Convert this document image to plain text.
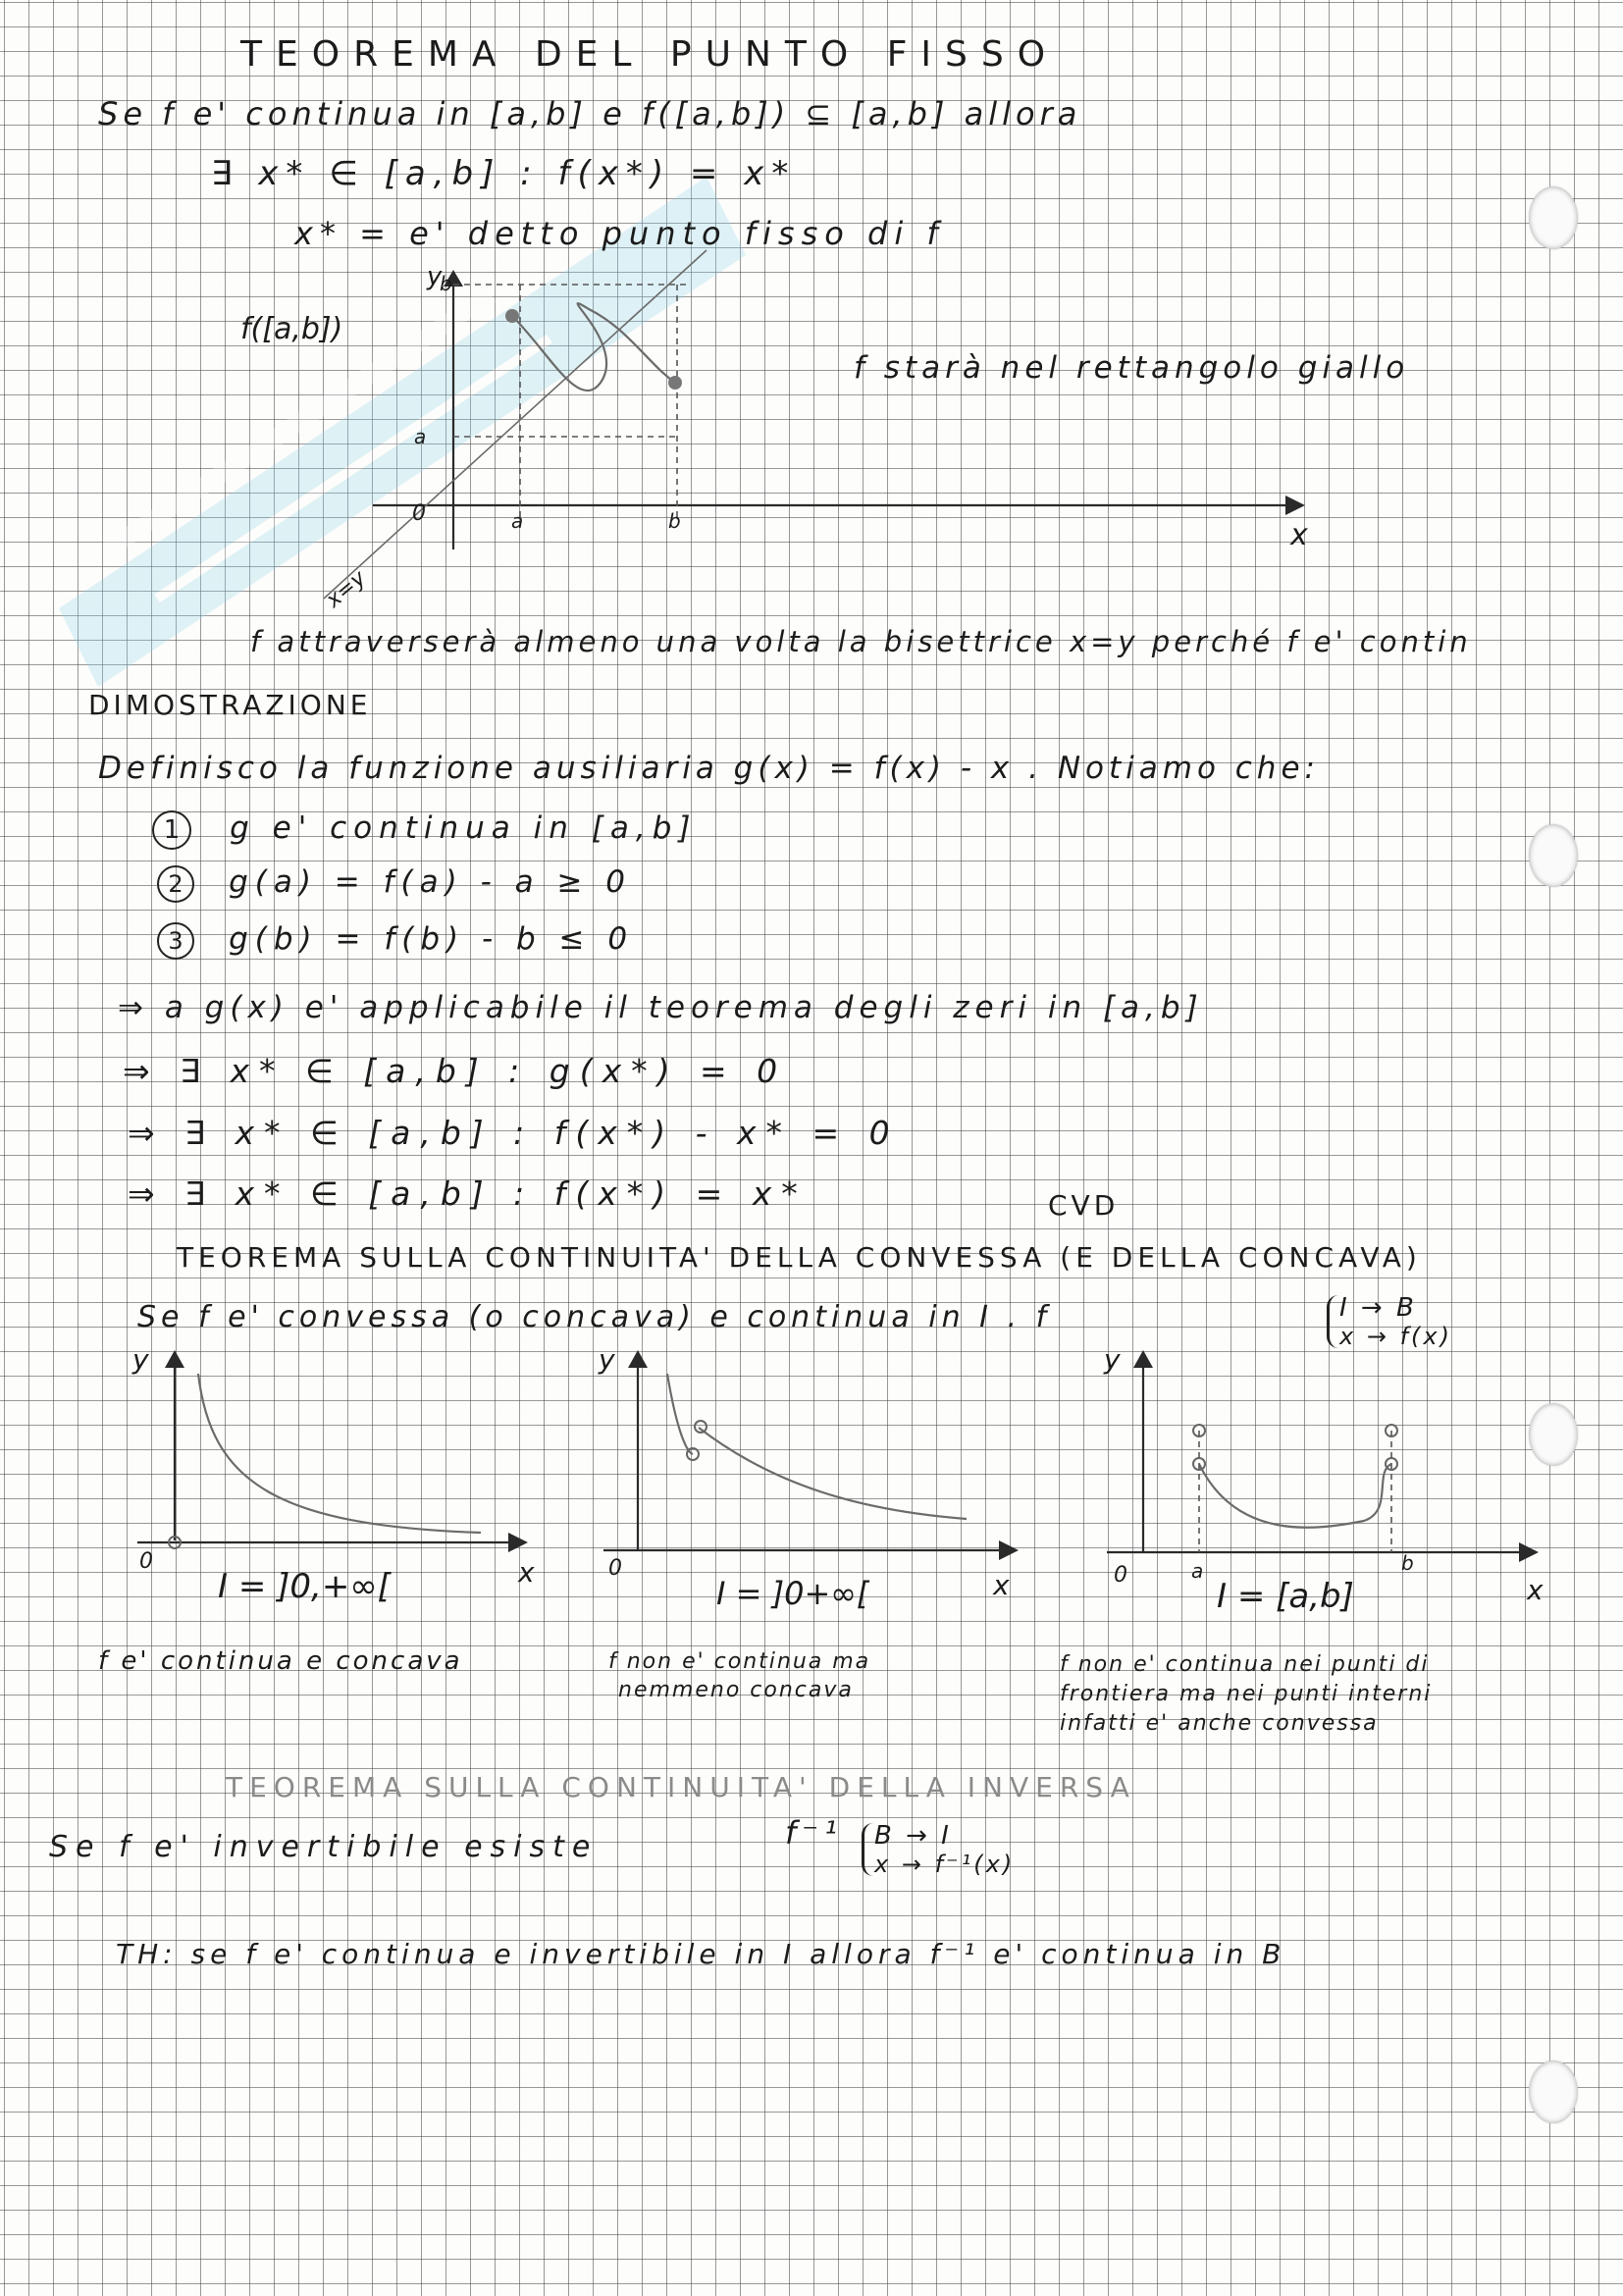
TEOREMA DEL PUNTO FISSO
Se f e' continua in [a,b] e f([a,b]) ⊆ [a,b] allora
∃ x* ∈ [a,b] : f(x*) = x*
x* = e' detto punto fisso di f
y
b
f([a,b])
a
0	a	b	x
x=y
f starà nel rettangolo giallo
f attraverserà almeno una volta la bisettrice x=y perché f e' contin
DIMOSTRAZIONE
Definisco la funzione ausiliaria g(x) = f(x) - x . Notiamo che:
1 g e' continua in [a,b]
2 g(a) = f(a) - a ≥ 0
3 g(b) = f(b) - b ≤ 0
⇒ a g(x) e' applicabile il teorema degli zeri in [a,b]
⇒ ∃ x* ∈ [a,b] : g(x*) = 0
⇒ ∃ x* ∈ [a,b] : f(x*) - x* = 0
⇒ ∃ x* ∈ [a,b] : f(x*) = x*	CVD
TEOREMA SULLA CONTINUITA' DELLA CONVESSA (E DELLA CONCAVA)
Se f e' convessa (o concava) e continua in I . f	I → B
x → f(x)
y
0	x
I = ]0,+∞[
y
0
x
I = ]0+∞[
y
0	a	b
x
I = [a,b]
f e' continua e concava	f non e' continua ma
nemmeno concava
f non e' continua nei punti di
frontiera ma nei punti interni
infatti e' anche convessa
TEOREMA SULLA CONTINUITA' DELLA INVERSA
Se f e' invertibile esiste	f⁻¹ B → I
x → f⁻¹(x)
TH: se f e' continua e invertibile in I allora f⁻¹ e' continua in B
